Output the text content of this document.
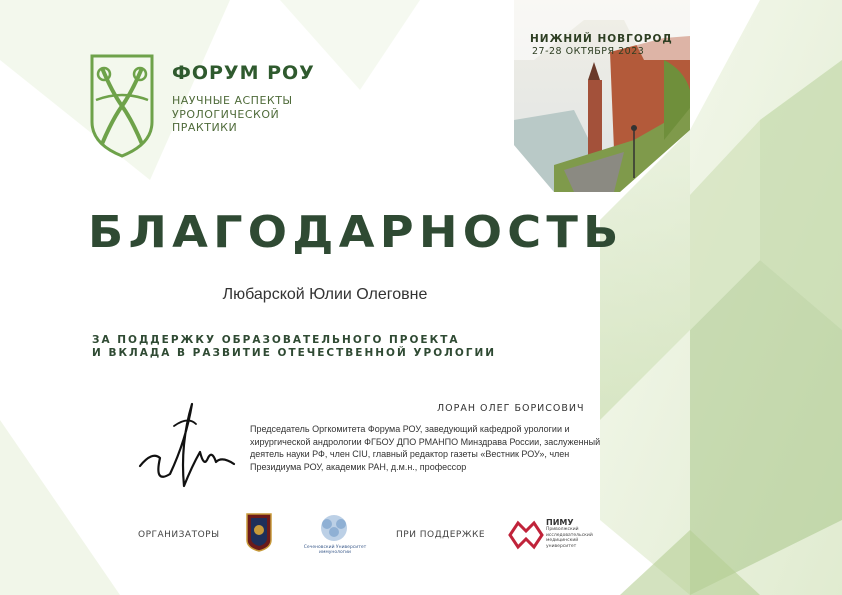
ФОРУМ РОУ
НАУЧНЫЕ АСПЕКТЫ
УРОЛОГИЧЕСКОЙ
ПРАКТИКИ
НИЖНИЙ НОВГОРОД
27-28 ОКТЯБРЯ 2023
БЛАГОДАРНОСТЬ
Любарской Юлии Олеговне
ЗА ПОДДЕРЖКУ ОБРАЗОВАТЕЛЬНОГО ПРОЕКТА
И ВКЛАДА В РАЗВИТИЕ ОТЕЧЕСТВЕННОЙ УРОЛОГИИ
ЛОРАН ОЛЕГ БОРИСОВИЧ
Председатель Оргкомитета Форума РОУ, заведующий кафедрой урологии и хирургической андрологии ФГБОУ ДПО РМАНПО Минздрава России, заслуженный деятель науки РФ, член CIU, главный редактор газеты «Вестник РОУ», член Президиума РОУ, академик РАН, д.м.н., профессор
ОРГАНИЗАТОРЫ
Сеченовский Университет иммунологии
ПРИ ПОДДЕРЖКЕ
ПИМУ
Приволжский исследовательский медицинский университет
